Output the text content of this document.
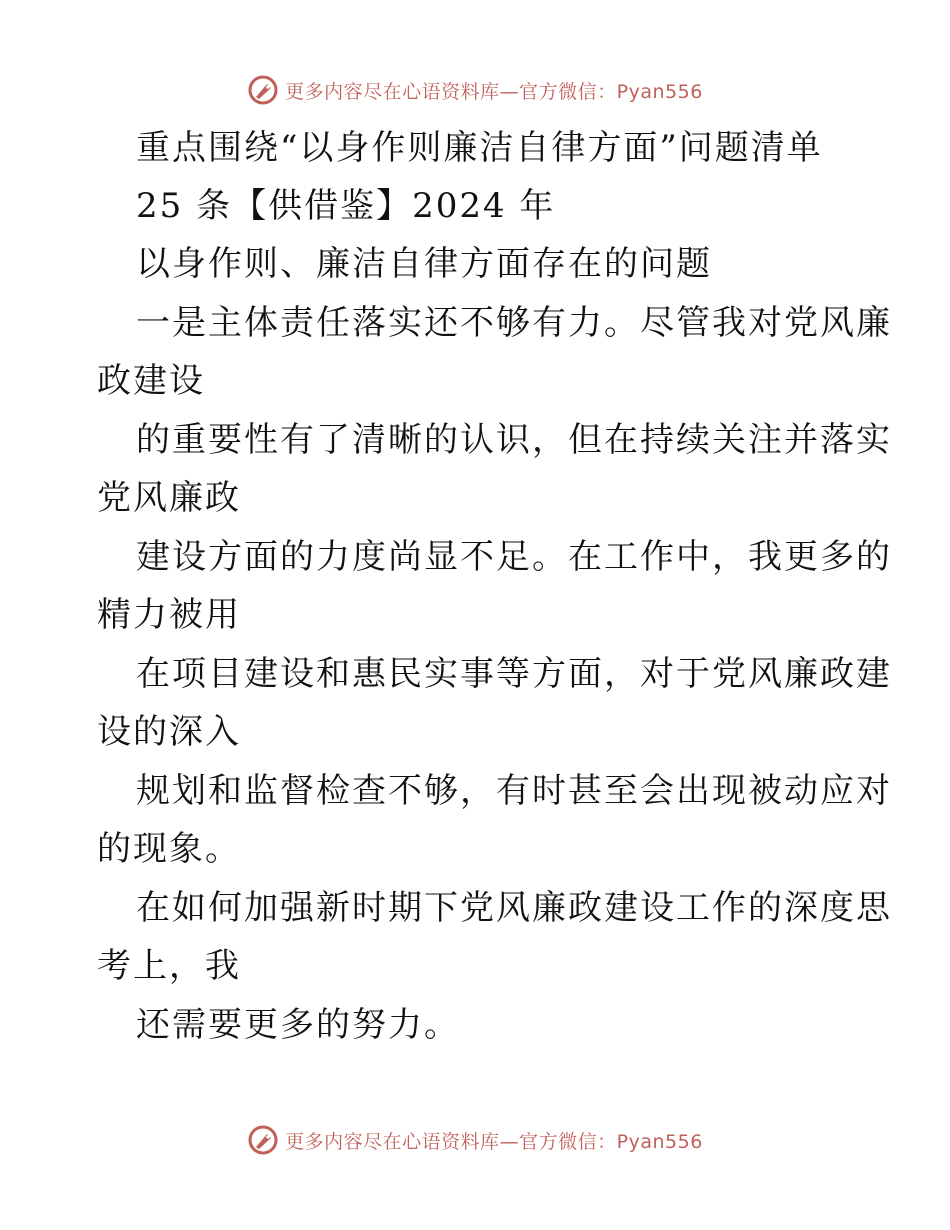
更多内容尽在心语资料库—官方微信：Pyan556
重点围绕“以身作则廉洁自律方面”问题清单
25 条【供借鉴】2024 年
以身作则、廉洁自律方面存在的问题
一是主体责任落实还不够有力。尽管我对党风廉
政建设
的重要性有了清晰的认识，但在持续关注并落实
党风廉政
建设方面的力度尚显不足。在工作中，我更多的
精力被用
在项目建设和惠民实事等方面，对于党风廉政建
设的深入
规划和监督检查不够，有时甚至会出现被动应对
的现象。
在如何加强新时期下党风廉政建设工作的深度思
考上，我
还需要更多的努力。
更多内容尽在心语资料库—官方微信：Pyan556
